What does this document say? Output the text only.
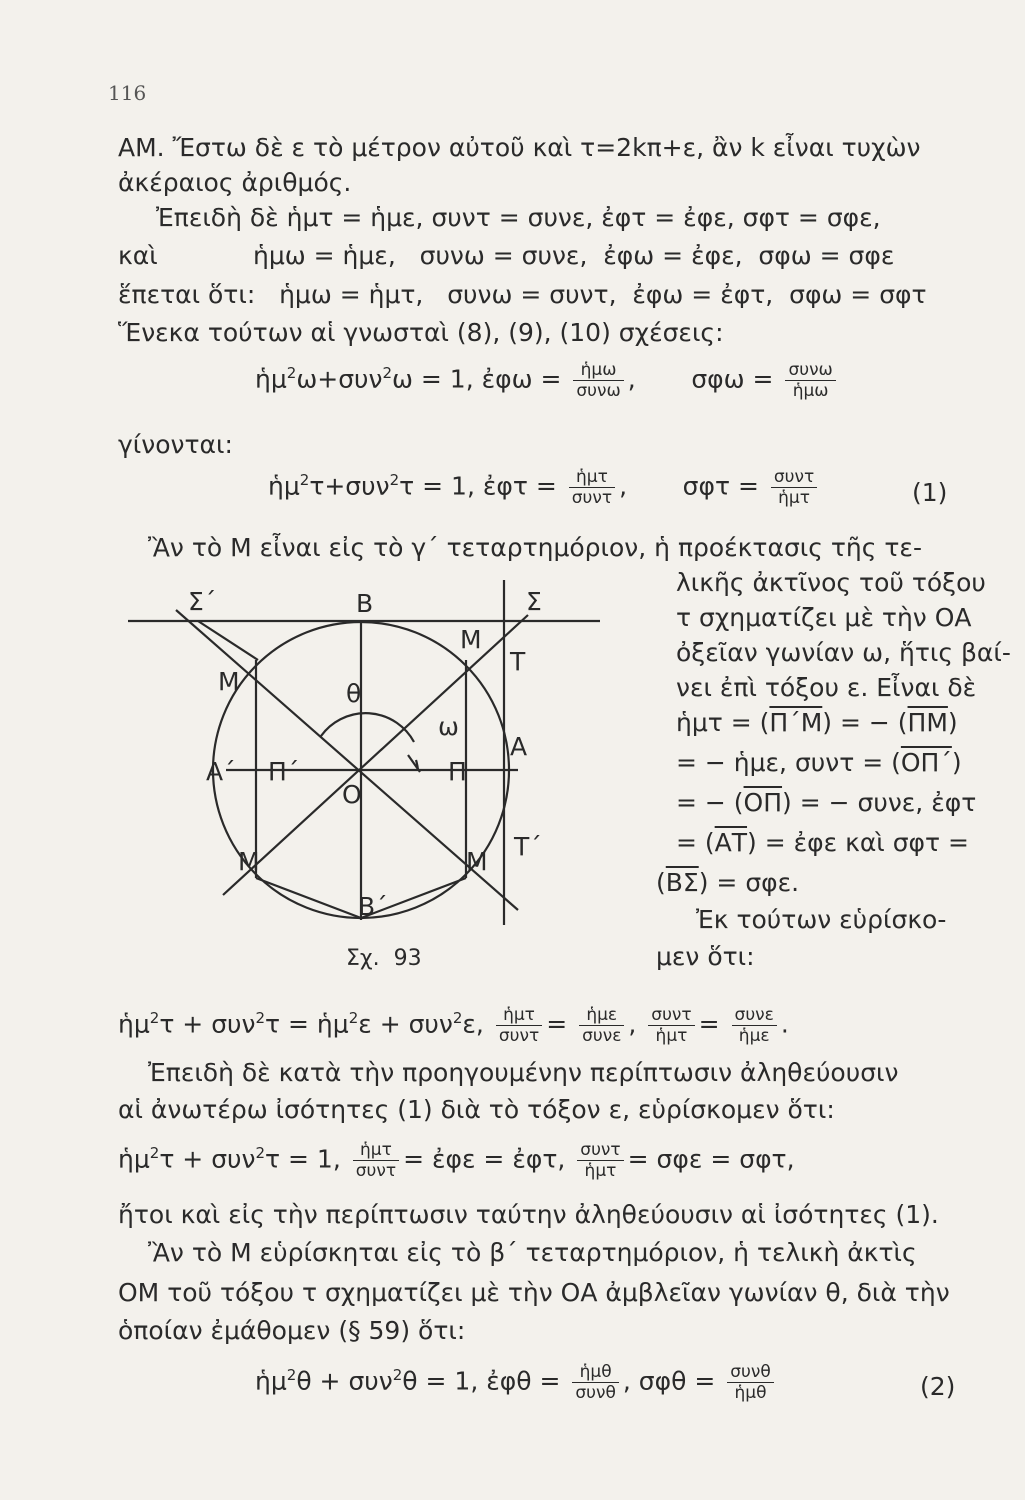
116
ΑΜ. Ἔστω δὲ ε τὸ μέτρον αὐτοῦ καὶ τ=2kπ+ε, ἂν k εἶναι τυχὼν
ἀκέραιος ἀριθμός.
Ἐπειδὴ δὲ ἡμτ = ἡμε, συντ = συνε, ἐφτ = ἐφε, σφτ = σφε,
καὶ            ἡμω = ἡμε,   συνω = συνε,  ἐφω = ἐφε,  σφω = σφε
ἕπεται ὅτι:   ἡμω = ἡμτ,   συνω = συντ,  ἐφω = ἐφτ,  σφω = σφτ
Ἕνεκα τούτων αἱ γνωσταὶ (8), (9), (10) σχέσεις:
ἡμ$^2$ω+συν$^2$ω = 1, ἐφω = $\frac{\text{ἡμω}}{\text{συνω}}$ ,       $\sigma\varphi\omega = \frac{\text{συνω}}{\text{ἡμω}}$
γίνονται:
ἡμ$^2$τ+συν$^2$τ = 1, ἐφτ = $\frac{\text{ἡμτ}}{\text{συντ}}$ ,       $\sigma\varphi\tau = \frac{\text{συντ}}{\text{ἡμτ}}$	(1)
Ἂν τὸ Μ εἶναι εἰς τὸ γ΄ τεταρτημόριον, ἡ προέκτασις τῆς τε-
λικῆς ἀκτῖνος τοῦ τόξου
τ σχηματίζει μὲ τὴν ΟΑ
ὀξεῖαν γωνίαν ω, ἥτις βαί-
νει ἐπὶ τόξου ε. Εἶναι δὲ
ἡμτ = $(\overline{\Pi΄M})$ = − $(\overline{\Pi M})$
= − ἡμε, $\sigma\upsilon\nu\tau = (\overline{O\Pi΄})$
= − $(\overline{O\Pi})$ = − συνε, ἐφτ
= $(\overline{AT})$ = ἐφε καὶ σφτ =
$(\overline{B\Sigma}) = \sigma\varphi\varepsilon$.
Ἐκ τούτων εὑρίσκο-
μεν ὅτι:
Σ΄	Β	Σ
Μ
Τ
Μ	θ
ω
Α΄ Π΄
Ο
Π
Α
Τ΄
Μ	Μ
Β΄
Σχ.  93
ἡμ$^2$τ + συν$^2$τ = ἡμ$^2$ε + συν$^2$ε, $\frac{\text{ἡμτ}}{\text{συντ}} = \frac{\text{ἡμε}}{\text{συνε}}$ , $\frac{\text{συντ}}{\text{ἡμτ}} = \frac{\text{συνε}}{\text{ἡμε}}$ .
Ἐπειδὴ δὲ κατὰ τὴν προηγουμένην περίπτωσιν ἀληθεύουσιν
αἱ ἀνωτέρω ἰσότητες (1) διὰ τὸ τόξον ε, εὑρίσκομεν ὅτι:
ἡμ$^2$τ + συν$^2$τ = 1, $\frac{\text{ἡμτ}}{\text{συντ}}$ = ἐφε = ἐφτ, $\frac{\text{συντ}}{\text{ἡμτ}} = \sigma\varphi\varepsilon = \sigma\varphi\tau$,
ἤτοι καὶ εἰς τὴν περίπτωσιν ταύτην ἀληθεύουσιν αἱ ἰσότητες (1).
Ἂν τὸ Μ εὑρίσκηται εἰς τὸ β΄ τεταρτημόριον, ἡ τελικὴ ἀκτὶς
ΟΜ τοῦ τόξου τ σχηματίζει μὲ τὴν ΟΑ ἀμβλεῖαν γωνίαν θ, διὰ τὴν
ὁποίαν ἐμάθομεν (§ 59) ὅτι:
ἡμ$^2$θ + συν$^2$θ = 1, ἐφθ = $\frac{\text{ἡμθ}}{\text{συνθ}}$ , $\sigma\varphi\theta = \frac{\text{συνθ}}{\text{ἡμθ}}$	(2)
